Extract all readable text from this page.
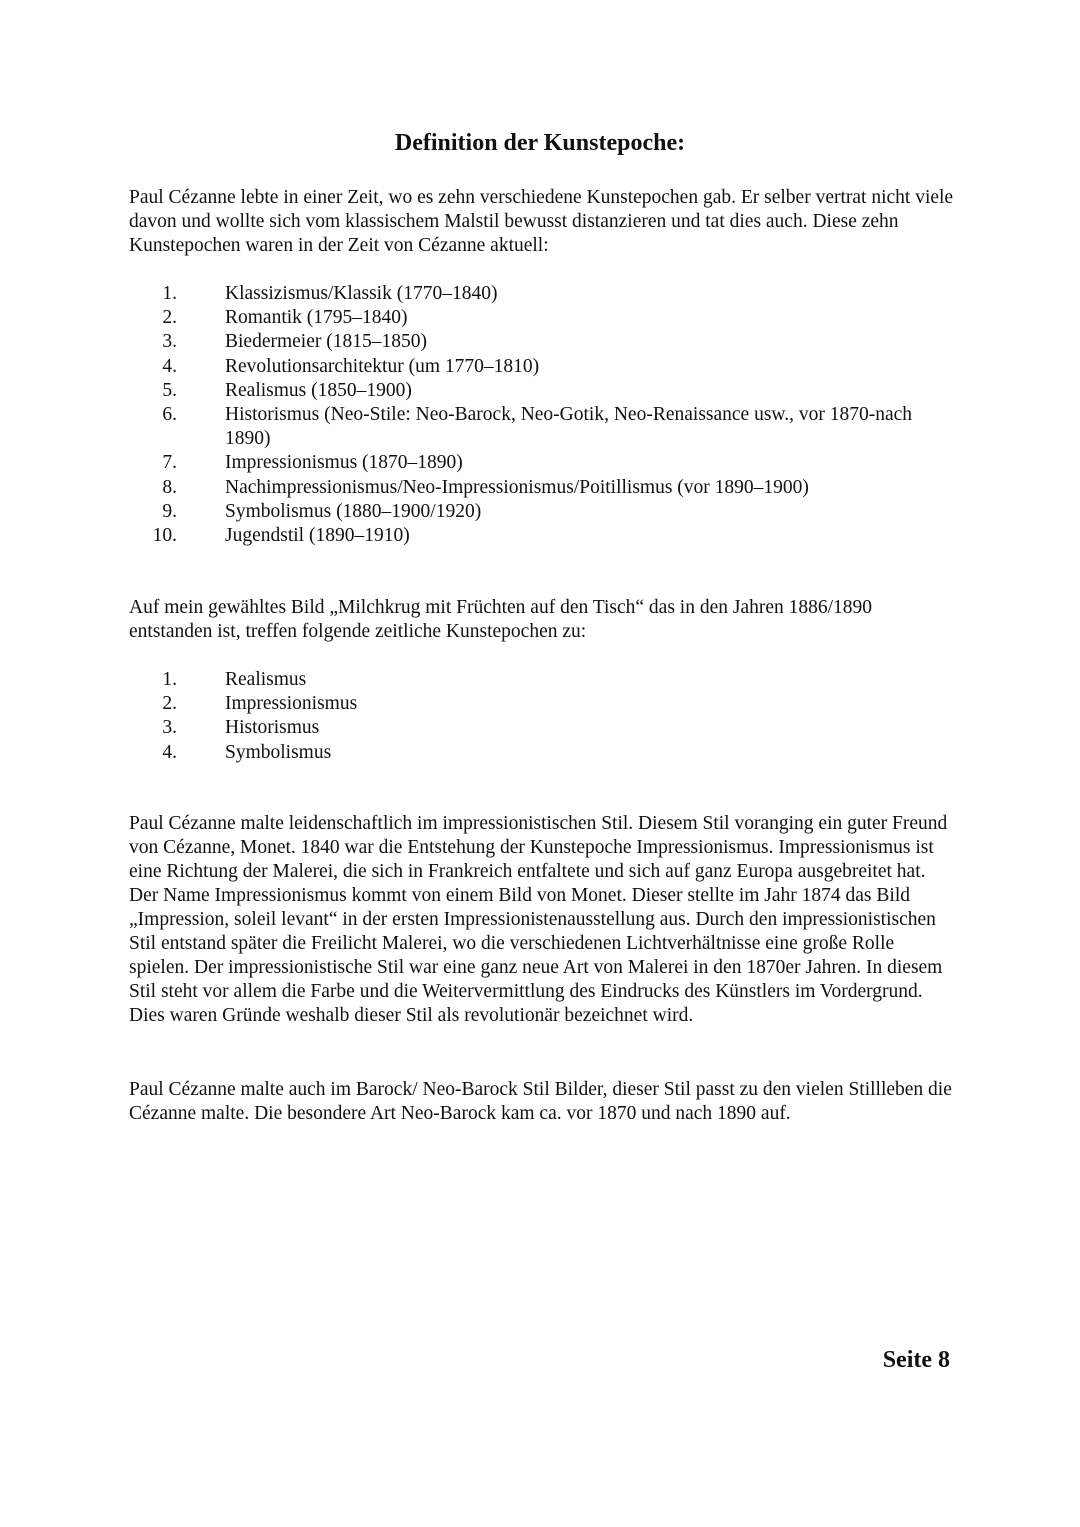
Definition der Kunstepoche:

Paul Cézanne lebte in einer Zeit, wo es zehn verschiedene Kunstepochen gab. Er selber vertrat nicht viele davon und wollte sich vom klassischem Malstil bewusst distanzieren und tat dies auch. Diese zehn Kunstepochen waren in der Zeit von Cézanne aktuell:

1. Klassizismus/Klassik (1770–1840)
2. Romantik (1795–1840)
3. Biedermeier (1815–1850)
4. Revolutionsarchitektur (um 1770–1810)
5. Realismus (1850–1900)
6. Historismus (Neo-Stile: Neo-Barock, Neo-Gotik, Neo-Renaissance usw., vor 1870-nach 1890)
7. Impressionismus (1870–1890)
8. Nachimpressionismus/Neo-Impressionismus/Poitillismus (vor 1890–1900)
9. Symbolismus (1880–1900/1920)
10. Jugendstil (1890–1910)

Auf mein gewähltes Bild „Milchkrug mit Früchten auf den Tisch“ das in den Jahren 1886/1890 entstanden ist, treffen folgende zeitliche Kunstepochen zu:

1. Realismus
2. Impressionismus
3. Historismus
4. Symbolismus

Paul Cézanne malte leidenschaftlich im impressionistischen Stil. Diesem Stil voranging ein guter Freund von Cézanne, Monet. 1840 war die Entstehung der Kunstepoche Impressionismus. Impressionismus ist eine Richtung der Malerei, die sich in Frankreich entfaltete und sich auf ganz Europa ausgebreitet hat. Der Name Impressionismus kommt von einem Bild von Monet. Dieser stellte im Jahr 1874 das Bild „Impression, soleil levant“ in der ersten Impressionistenausstellung aus. Durch den impressionistischen Stil entstand später die Freilicht Malerei, wo die verschiedenen Lichtverhältnisse eine große Rolle spielen. Der impressionistische Stil war eine ganz neue Art von Malerei in den 1870er Jahren. In diesem Stil steht vor allem die Farbe und die Weitervermittlung des Eindrucks des Künstlers im Vordergrund. Dies waren Gründe weshalb dieser Stil als revolutionär bezeichnet wird.

Paul Cézanne malte auch im Barock/ Neo-Barock Stil Bilder, dieser Stil passt zu den vielen Stillleben die Cézanne malte. Die besondere Art Neo-Barock kam ca. vor 1870 und nach 1890 auf.

Seite 8
